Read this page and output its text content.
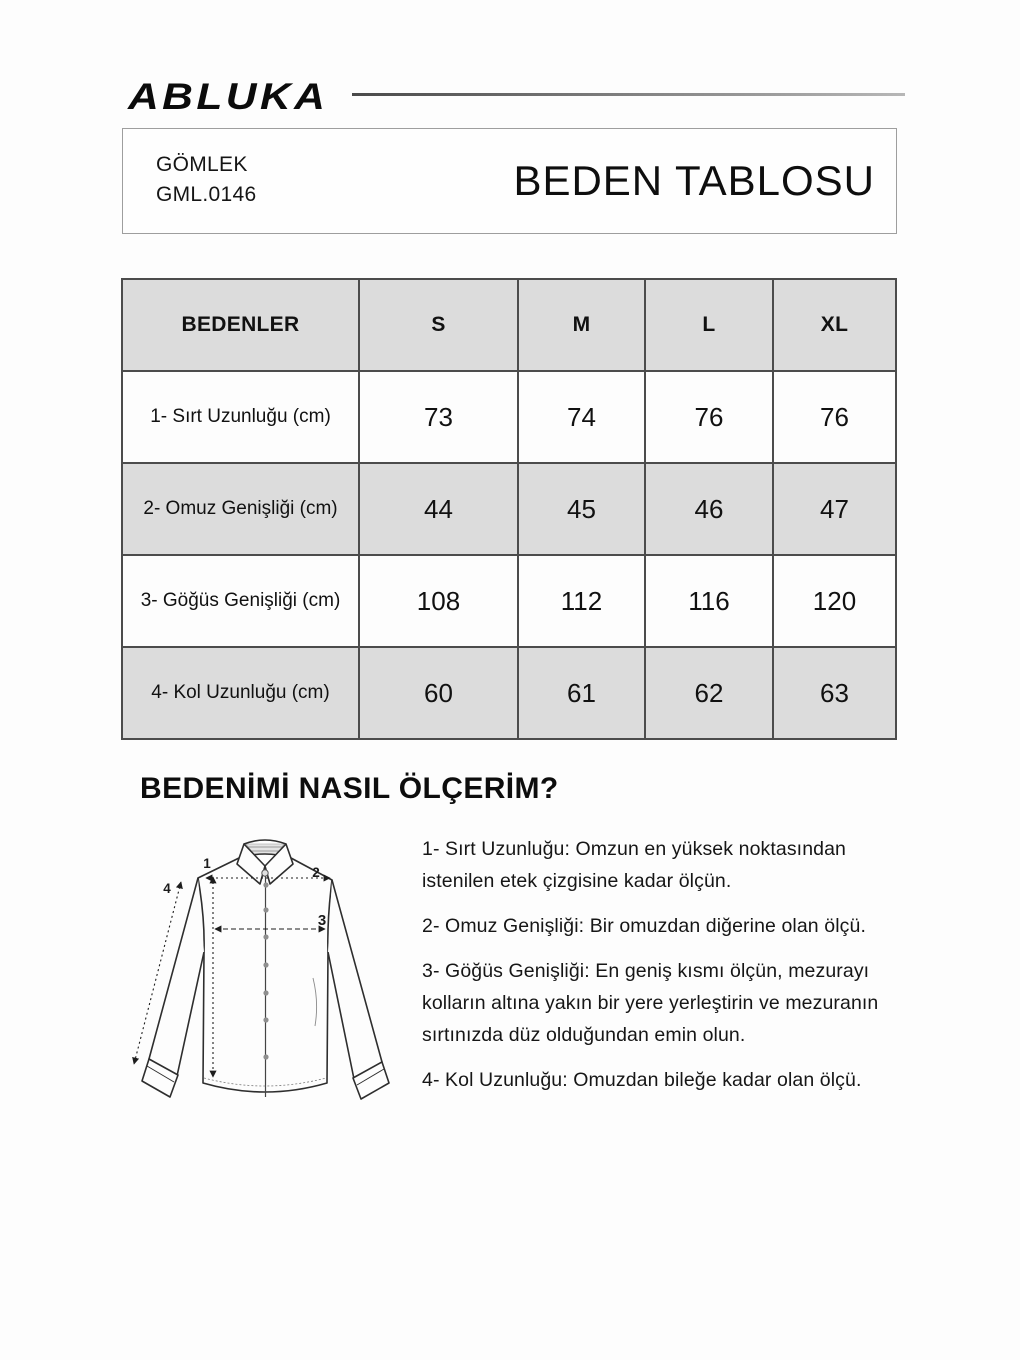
ABLUKA
GÖMLEK
GML.0146	BEDEN TABLOSU
BEDENLER	S	M	L	XL
1- Sırt Uzunluğu (cm)	73	74	76	76
2- Omuz Genişliği (cm)	44	45	46	47
3- Göğüs Genişliği (cm)	108	112	116	120
4- Kol Uzunluğu (cm)	60	61	62	63
BEDENİMİ NASIL ÖLÇERİM?
1
2
3
4
1- Sırt Uzunluğu: Omzun en yüksek noktasından
istenilen etek çizgisine kadar ölçün.
2- Omuz Genişliği: Bir omuzdan diğerine olan ölçü.
3- Göğüs Genişliği: En geniş kısmı ölçün, mezurayı
kolların altına yakın bir yere yerleştirin ve mezuranın
sırtınızda düz olduğundan emin olun.
4- Kol Uzunluğu: Omuzdan bileğe kadar olan ölçü.
